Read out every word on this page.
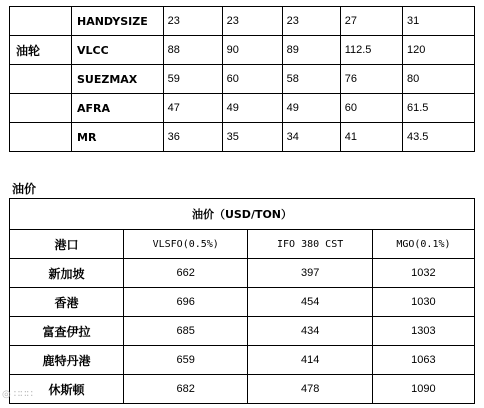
	HANDYSIZE	23	23	23	27	31
油轮	VLCC	88	90	89	112.5	120
	SUEZMAX	59	60	58	76	80
	AFRA	47	49	49	60	61.5
	MR	36	35	34	41	43.5
油价
油价（USD/TON）			
港口	VLSFO(0.5%)	IFO 380 CST	MGO(0.1%)
新加坡	662	397	1032
香港	696	454	1030
富查伊拉	685	434	1303
鹿特丹港	659	414	1063
休斯顿	682	478	1090
◎ ∷∷∷
